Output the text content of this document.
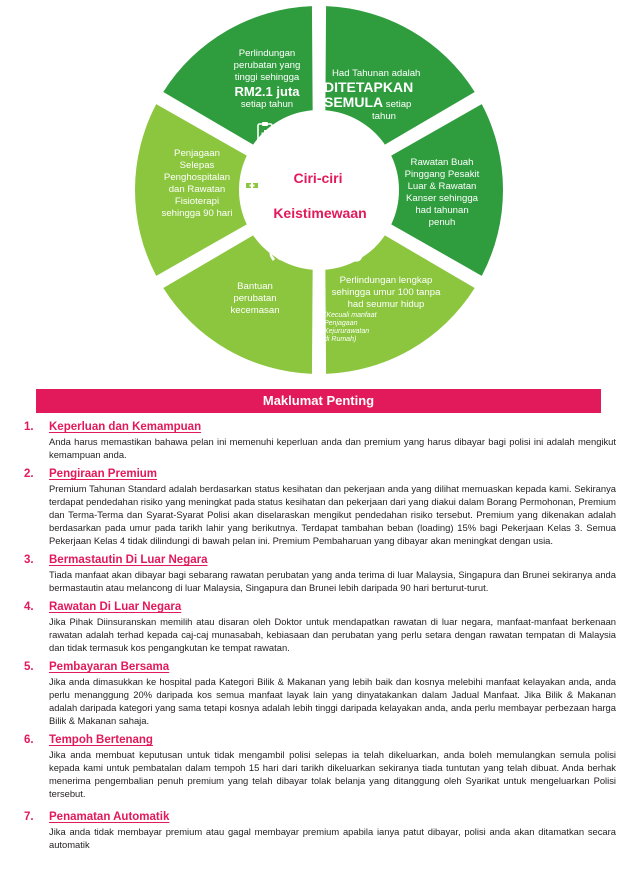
24
Perlindungan
perubatan yang
tinggi sehingga
RM2.1 juta
setiap tahun
Had Tahunan adalah
DITETAPKAN
SEMULA setiap
tahun
Rawatan Buah
Pinggang Pesakit
Luar & Rawatan
Kanser sehingga
had tahunan
penuh
Perlindungan lengkap
sehingga umur 100 tanpa
had seumur hidup
(Kecuali manfaat
Penjagaan
Kejururawatan
di Rumah)
Bantuan
perubatan
kecemasan
Penjagaan
Selepas
Penghospitalan
dan Rawatan
Fisioterapi
sehingga 90 hari
Ciri-ciri
Keistimewaan
Maklumat Penting
1. Keperluan dan Kemampuan
Anda harus memastikan bahawa pelan ini memenuhi keperluan anda dan premium yang harus dibayar bagi polisi ini adalah mengikut kemampuan anda.
2. Pengiraan Premium
Premium Tahunan Standard adalah berdasarkan status kesihatan dan pekerjaan anda yang dilihat memuaskan kepada kami. Sekiranya terdapat pendedahan risiko yang meningkat pada status kesihatan dan pekerjaan dari yang diakui dalam Borang Permohonan, Premium dan Terma-Terma dan Syarat-Syarat Polisi akan diselaraskan mengikut pendedahan risiko tersebut. Premium yang dikenakan adalah berdasarkan pada umur pada tarikh lahir yang berikutnya. Terdapat tambahan beban (loading) 15% bagi Pekerjaan Kelas 3. Semua Pekerjaan Kelas 4 tidak dilindungi di bawah pelan ini. Premium Pembaharuan yang dibayar akan meningkat dengan usia.
3. Bermastautin Di Luar Negara
Tiada manfaat akan dibayar bagi sebarang rawatan perubatan yang anda terima di luar Malaysia, Singapura dan Brunei sekiranya anda bermastautin atau melancong di luar Malaysia, Singapura dan Brunei lebih daripada 90 hari berturut-turut.
4. Rawatan Di Luar Negara
Jika Pihak Diinsuranskan memilih atau disaran oleh Doktor untuk mendapatkan rawatan di luar negara, manfaat-manfaat berkenaan rawatan adalah terhad kepada caj-caj munasabah, kebiasaan dan perubatan yang perlu setara dengan rawatan tempatan di Malaysia dan tidak termasuk kos pengangkutan ke tempat rawatan.
5. Pembayaran Bersama
Jika anda dimasukkan ke hospital pada Kategori Bilik & Makanan yang lebih baik dan kosnya melebihi manfaat kelayakan anda, anda perlu menanggung 20% daripada kos semua manfaat layak lain yang dinyatakankan dalam Jadual Manfaat. Jika Bilik & Makanan adalah daripada kategori yang sama tetapi kosnya adalah lebih tinggi daripada kelayakan anda, anda perlu membayar perbezaan harga Bilik & Makanan sahaja.
6. Tempoh Bertenang
Jika anda membuat keputusan untuk tidak mengambil polisi selepas ia telah dikeluarkan, anda boleh memulangkan semula polisi kepada kami untuk pembatalan dalam tempoh 15 hari dari tarikh dikeluarkan sekiranya tiada tuntutan yang telah dibuat. Anda berhak menerima pengembalian penuh premium yang telah dibayar tolak belanja yang ditanggung oleh Syarikat untuk mengeluarkan Polisi tersebut.
7. Penamatan Automatik
Jika anda tidak membayar premium atau gagal membayar premium apabila ianya patut dibayar, polisi anda akan ditamatkan secara automatik
